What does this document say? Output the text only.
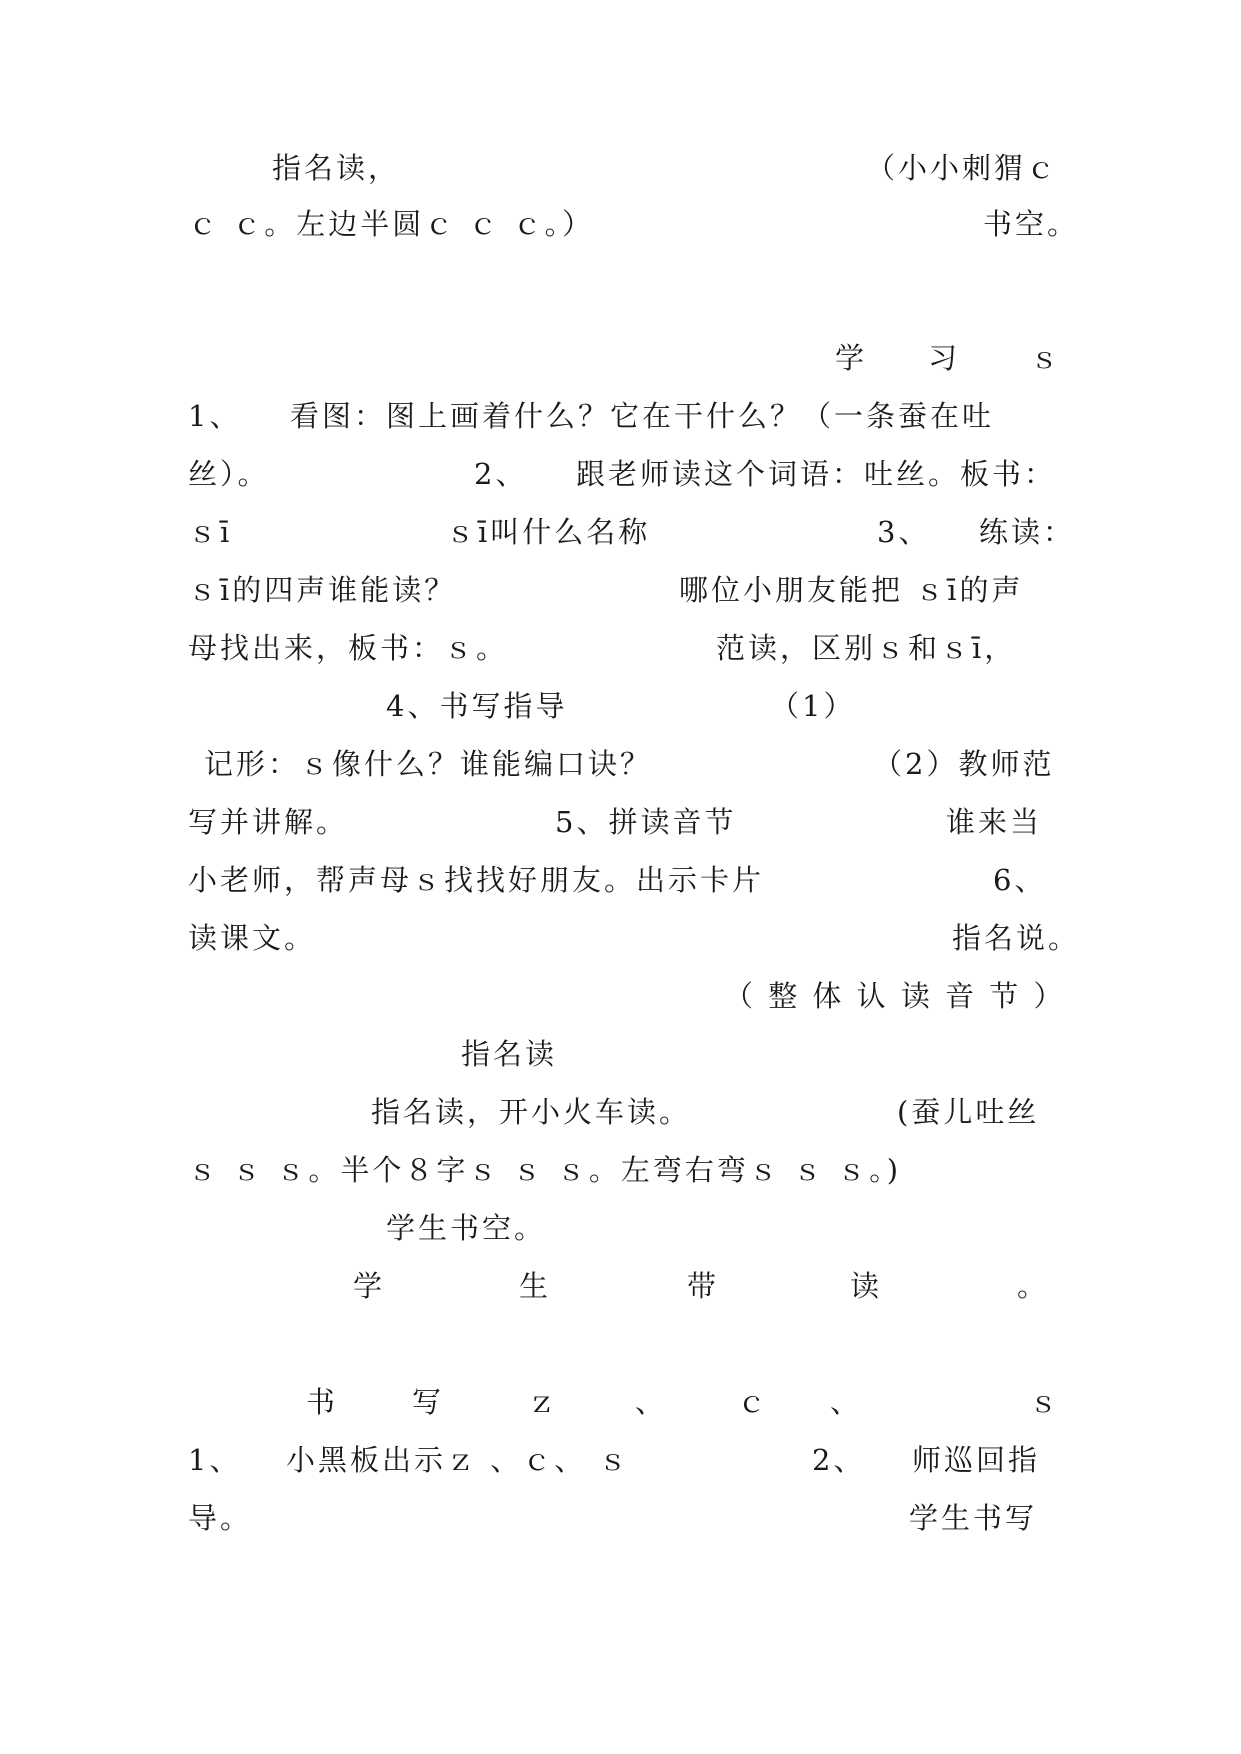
指名读，	（小小刺猬ｃ
ｃ ｃ。左边半圆ｃ ｃ ｃ。）	书空。
学 习 ｓ
1、 看图：图上画着什么？它在干什么？（一条蚕在吐
丝）。	2、 跟老师读这个词语：吐丝。板书：
ｓī	ｓī叫什么名称	3、 练读：
ｓī的四声谁能读？	哪位小朋友能把 ｓī的声
母找出来，板书：ｓ。	范读，区别ｓ和ｓī，
4、书写指导	（1）
记形：ｓ像什么？谁能编口诀？	（2）教师范
写并讲解。	5、拼读音节	谁来当
小老师，帮声母ｓ找找好朋友。出示卡片	6、
读课文。	指名说。
（ 整 体 认 读 音 节 ）
指名读
指名读，开小火车读。	(蚕儿吐丝
ｓ ｓ ｓ。半个８字ｓ ｓ ｓ。左弯右弯ｓ ｓ ｓ。)
学生书空。
学	生	带	读	。
书	写	ｚ	、 ｃ 、	ｓ
1、 小黑板出示ｚ 、ｃ、 ｓ	2、 师巡回指
导。	学生书写
